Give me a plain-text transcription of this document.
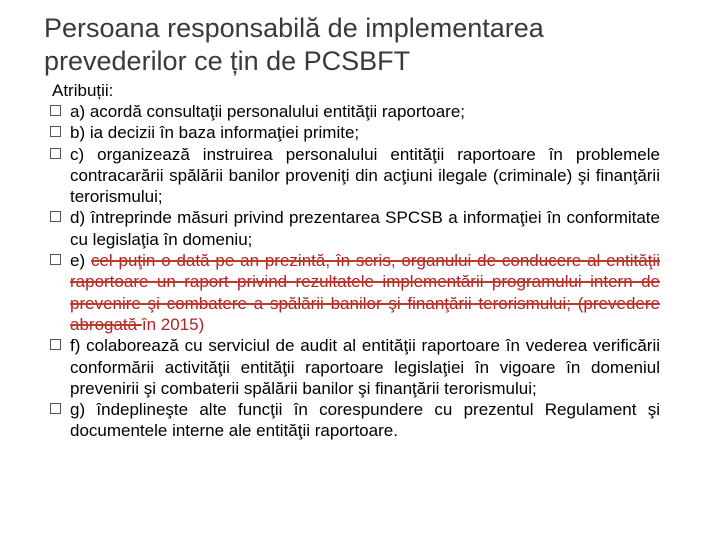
Persoana responsabilă de implementarea prevederilor ce țin de PCSBFT
Atribuții:
a) acordă consultaţii personalului entităţii raportoare;
b) ia decizii în baza informaţiei primite;
c) organizează instruirea personalului entităţii raportoare în problemele contracarării spălării banilor proveniţi din acţiuni ilegale (criminale) şi finanţării terorismului;
d) întreprinde măsuri privind prezentarea SPCSB a informaţiei în conformitate cu legislaţia în domeniu;
e) cel puţin o dată pe an prezintă, în scris, organului de conducere al entităţii raportoare un raport privind rezultatele implementării programului intern de prevenire şi combatere a spălării banilor şi finanţării terorismului; (prevedere abrogată în 2015)
f) colaborează cu serviciul de audit al entităţii raportoare în vederea verificării conformării activităţii entităţii raportoare legislaţiei în vigoare în domeniul prevenirii şi combaterii spălării banilor şi finanţării terorismului;
g) îndeplineşte alte funcţii în corespundere cu prezentul Regulament şi documentele interne ale entităţii raportoare.
